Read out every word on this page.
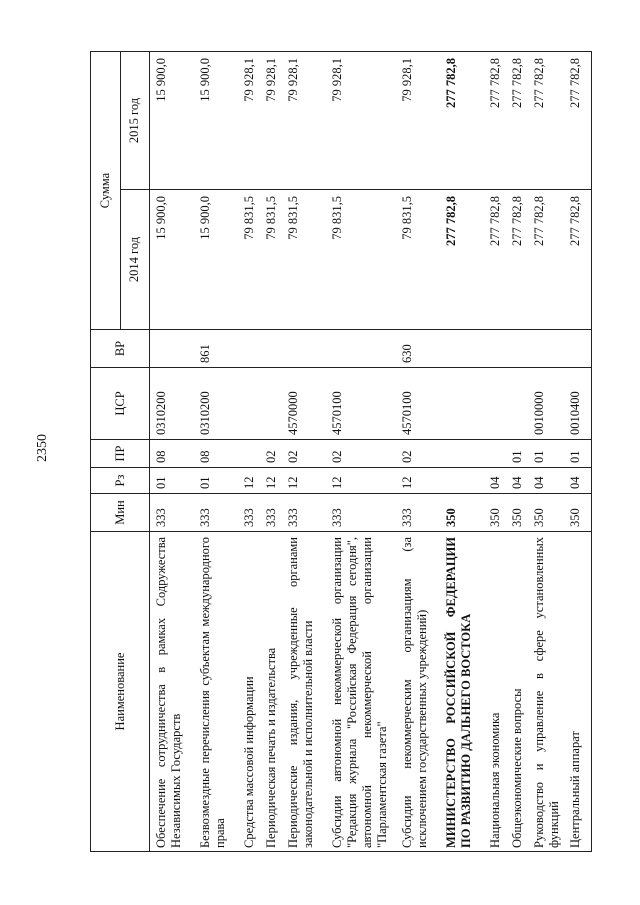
2350
Наименование	Мин	Рз	ПР	ЦСР	ВР	Сумма	
						2014 год	2015 год
Обеспечение сотрудничества в рамках Содружества Независимых Государств	333	01	08	0310200		15 900,0	15 900,0
Безвозмездные перечисления субъектам международного права	333	01	08	0310200	861	15 900,0	15 900,0
Средства массовой информации	333	12				79 831,5	79 928,1
Периодическая печать и издательства	333	12	02			79 831,5	79 928,1
Периодические издания, учрежденные органами законодательной и исполнительной власти	333	12	02	4570000		79 831,5	79 928,1
Субсидии автономной некоммерческой организации "Редакция журнала "Российская Федерация сегодня", автономной некоммерческой организации "Парламентская газета"	333	12	02	4570100		79 831,5	79 928,1
Субсидии некоммерческим организациям (за исключением государственных учреждений)	333	12	02	4570100	630	79 831,5	79 928,1
МИНИСТЕРСТВО РОССИЙСКОЙ ФЕДЕРАЦИИ ПО РАЗВИТИЮ ДАЛЬНЕГО ВОСТОКА	350					277 782,8	277 782,8
Национальная экономика	350	04				277 782,8	277 782,8
Общеэкономические вопросы	350	04	01			277 782,8	277 782,8
Руководство и управление в сфере установленных функций	350	04	01	0010000		277 782,8	277 782,8
Центральный аппарат	350	04	01	0010400		277 782,8	277 782,8
